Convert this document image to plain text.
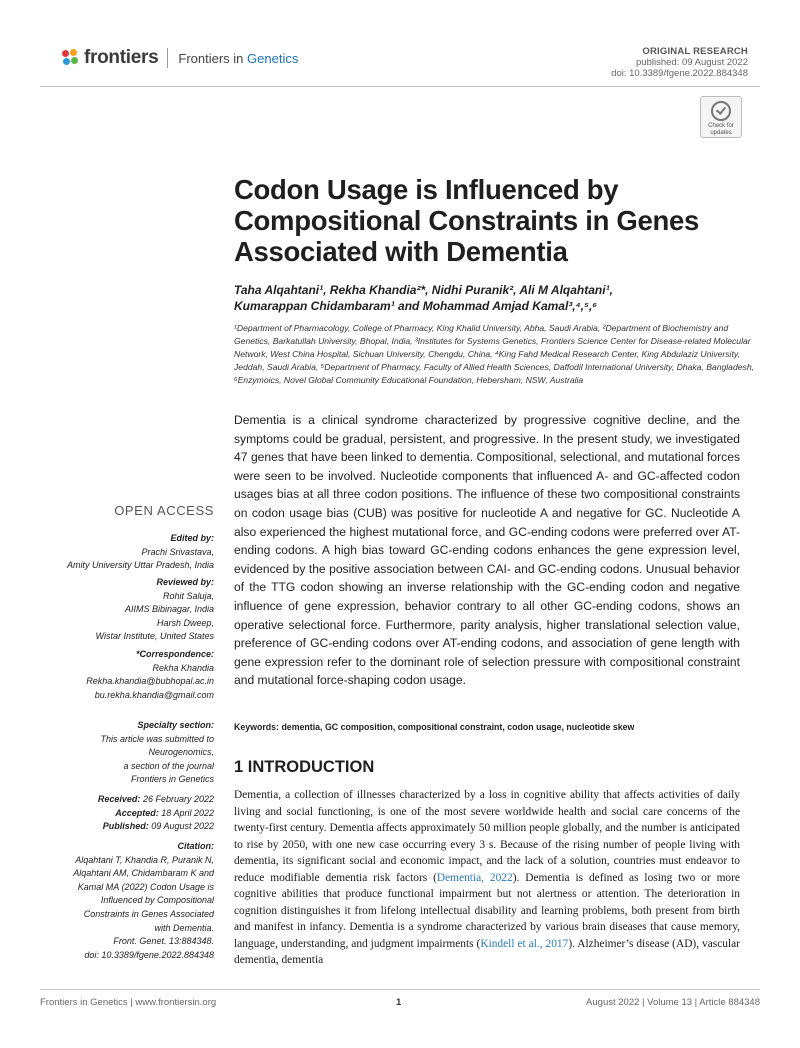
frontiers Frontiers in Genetics	ORIGINAL RESEARCH
published: 09 August 2022
doi: 10.3389/fgene.2022.884348
Check for
updates
Codon Usage is Influenced by Compositional Constraints in Genes Associated with Dementia
Taha Alqahtani¹, Rekha Khandia²*, Nidhi Puranik², Ali M Alqahtani¹,
Kumarappan Chidambaram¹ and Mohammad Amjad Kamal³,⁴,⁵,⁶
¹Department of Pharmacology, College of Pharmacy, King Khalid University, Abha, Saudi Arabia, ²Department of Biochemistry and Genetics, Barkatullah University, Bhopal, India, ³Institutes for Systems Genetics, Frontiers Science Center for Disease-related Molecular Network, West China Hospital, Sichuan University, Chengdu, China, ⁴King Fahd Medical Research Center, King Abdulaziz University, Jeddah, Saudi Arabia, ⁵Department of Pharmacy, Faculty of Allied Health Sciences, Daffodil International University, Dhaka, Bangladesh, ⁶Enzymoics, Novel Global Community Educational Foundation, Hebersham, NSW, Australia
Dementia is a clinical syndrome characterized by progressive cognitive decline, and the symptoms could be gradual, persistent, and progressive. In the present study, we investigated 47 genes that have been linked to dementia. Compositional, selectional, and mutational forces were seen to be involved. Nucleotide components that influenced A- and GC-affected codon usages bias at all three codon positions. The influence of these two compositional constraints on codon usage bias (CUB) was positive for nucleotide A and negative for GC. Nucleotide A also experienced the highest mutational force, and GC-ending codons were preferred over AT-ending codons. A high bias toward GC-ending codons enhances the gene expression level, evidenced by the positive association between CAI- and GC-ending codons. Unusual behavior of the TTG codon showing an inverse relationship with the GC-ending codon and negative influence of gene expression, behavior contrary to all other GC-ending codons, shows an operative selectional force. Furthermore, parity analysis, higher translational selection value, preference of GC-ending codons over AT-ending codons, and association of gene length with gene expression refer to the dominant role of selection pressure with compositional constraint and mutational force-shaping codon usage.
Keywords: dementia, GC composition, compositional constraint, codon usage, nucleotide skew
1 INTRODUCTION
Dementia, a collection of illnesses characterized by a loss in cognitive ability that affects activities of daily living and social functioning, is one of the most severe worldwide health and social care concerns of the twenty-first century. Dementia affects approximately 50 million people globally, and the number is anticipated to rise by 2050, with one new case occurring every 3 s. Because of the rising number of people living with dementia, its significant social and economic impact, and the lack of a solution, countries must endeavor to reduce modifiable dementia risk factors (Dementia, 2022). Dementia is defined as losing two or more cognitive abilities that produce functional impairment but not alertness or attention. The deterioration in cognition distinguishes it from lifelong intellectual disability and learning problems, both present from birth and manifest in infancy. Dementia is a syndrome characterized by various brain diseases that cause memory, language, understanding, and judgment impairments (Kindell et al., 2017). Alzheimer’s disease (AD), vascular dementia, dementia
OPEN ACCESS
Edited by:
Prachi Srivastava,
Amity University Uttar Pradesh, India
Reviewed by:
Rohit Saluja,
AIIMS Bibinagar, India
Harsh Dweep,
Wistar Institute, United States
*Correspondence:
Rekha Khandia
Rekha.khandia@bubhopal.ac.in
bu.rekha.khandia@gmail.com
Specialty section:
This article was submitted to
Neurogenomics,
a section of the journal
Frontiers in Genetics
Received: 26 February 2022
Accepted: 18 April 2022
Published: 09 August 2022
Citation:
Alqahtani T, Khandia R, Puranik N,
Alqahtani AM, Chidambaram K and
Kamal MA (2022) Codon Usage is
Influenced by Compositional
Constraints in Genes Associated
with Dementia.
Front. Genet. 13:884348.
doi: 10.3389/fgene.2022.884348
Frontiers in Genetics | www.frontiersin.org	1	August 2022 | Volume 13 | Article 884348
